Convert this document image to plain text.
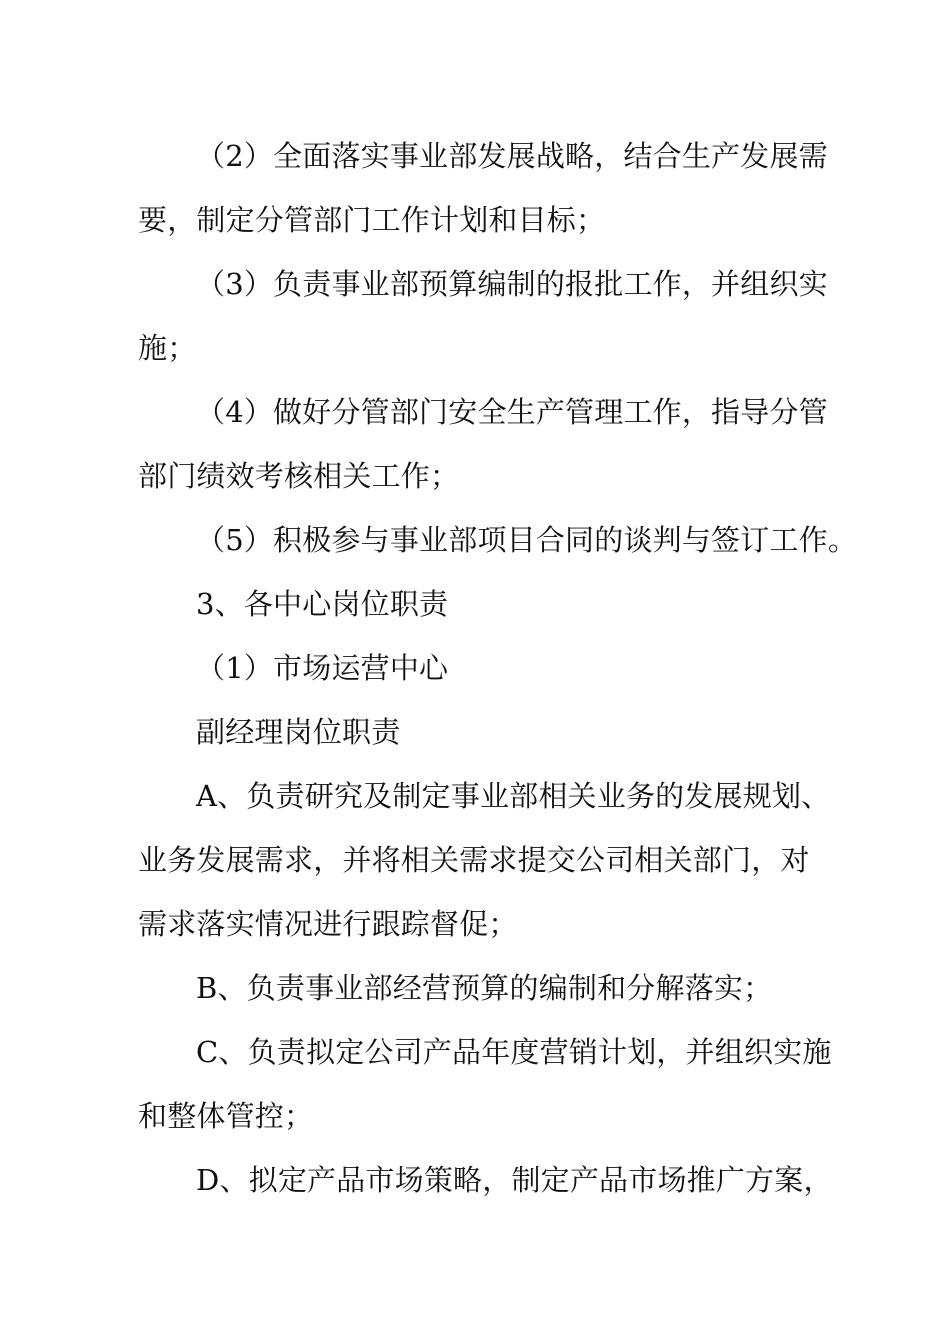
（2）全面落实事业部发展战略，结合生产发展需
要，制定分管部门工作计划和目标；
（3）负责事业部预算编制的报批工作，并组织实
施；
（4）做好分管部门安全生产管理工作，指导分管
部门绩效考核相关工作；
（5）积极参与事业部项目合同的谈判与签订工作。
3、各中心岗位职责
（1）市场运营中心
副经理岗位职责
A、负责研究及制定事业部相关业务的发展规划、
业务发展需求，并将相关需求提交公司相关部门，对
需求落实情况进行跟踪督促；
B、负责事业部经营预算的编制和分解落实；
C、负责拟定公司产品年度营销计划，并组织实施
和整体管控；
D、拟定产品市场策略，制定产品市场推广方案，
